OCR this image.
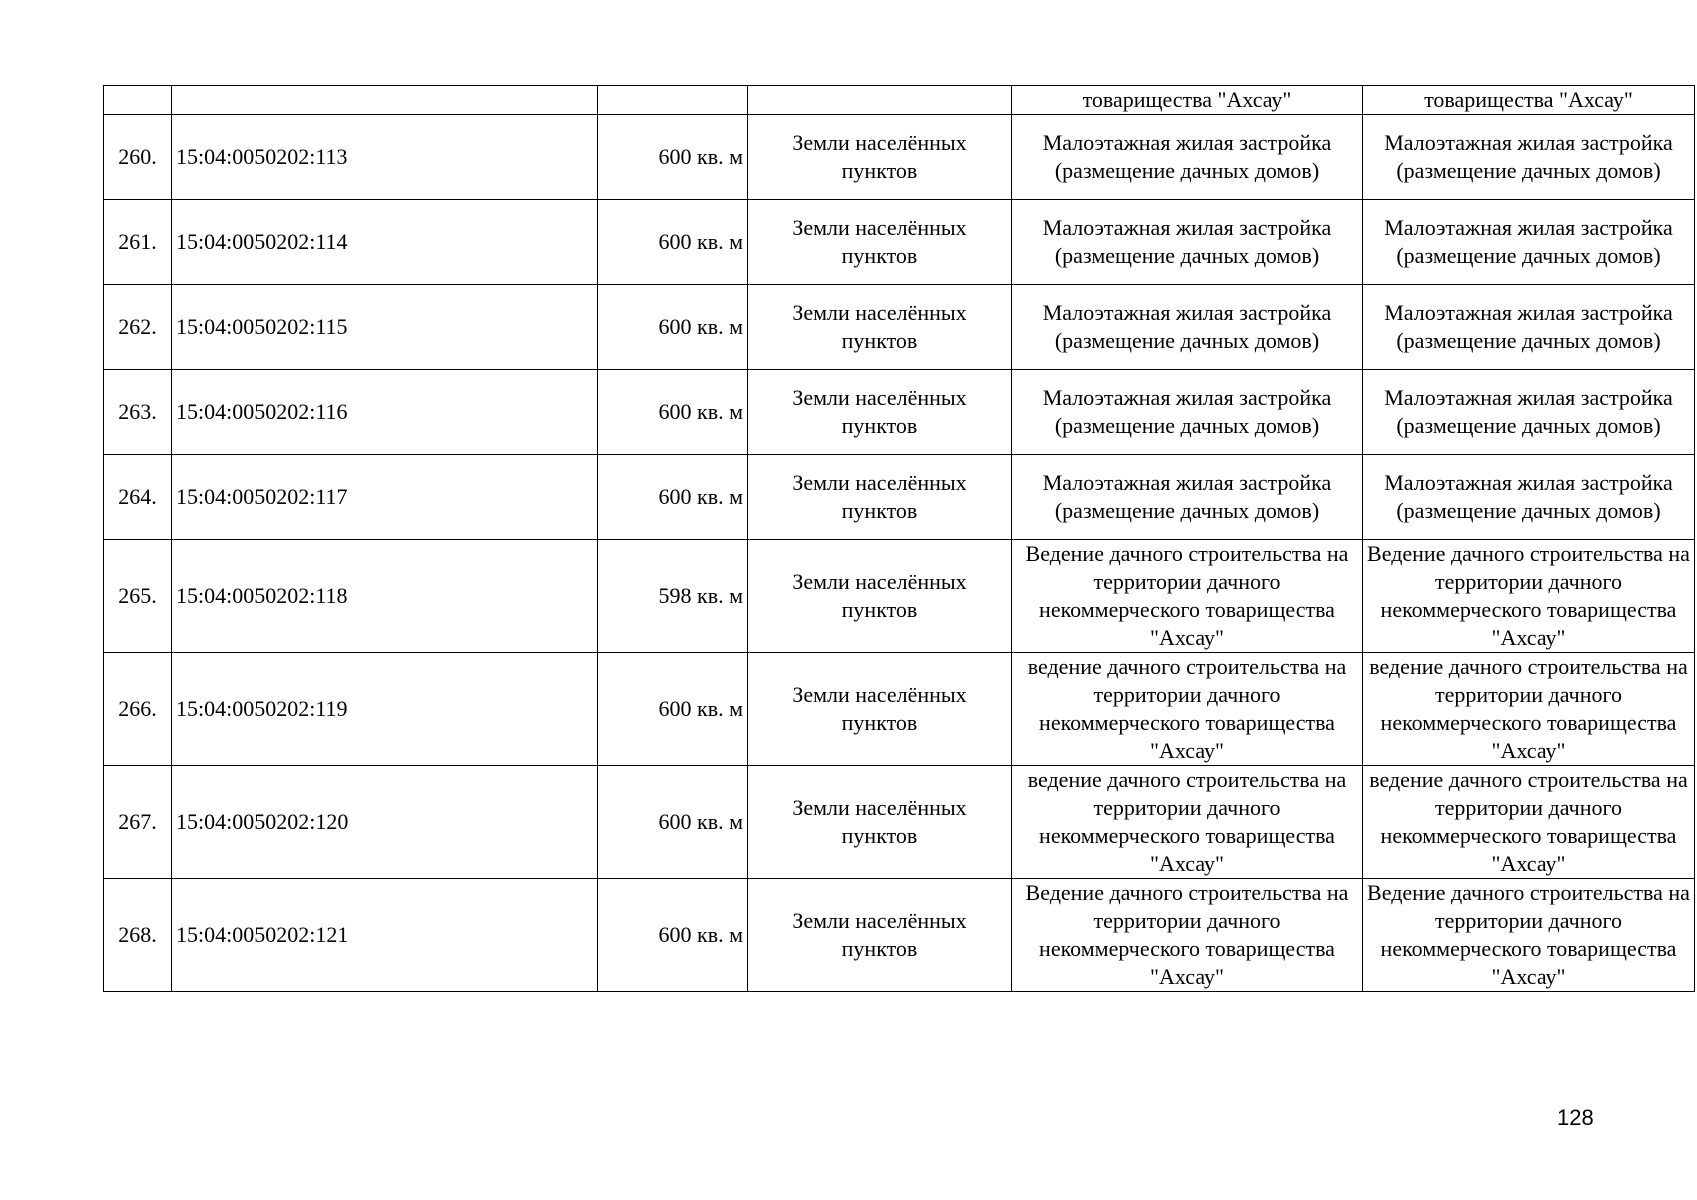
				товарищества "Ахсау"	товарищества "Ахсау"
260.	15:04:0050202:113	600 кв. м	Земли населённых пунктов	Малоэтажная жилая застройка (размещение дачных домов)	Малоэтажная жилая застройка (размещение дачных домов)
261.	15:04:0050202:114	600 кв. м	Земли населённых пунктов	Малоэтажная жилая застройка (размещение дачных домов)	Малоэтажная жилая застройка (размещение дачных домов)
262.	15:04:0050202:115	600 кв. м	Земли населённых пунктов	Малоэтажная жилая застройка (размещение дачных домов)	Малоэтажная жилая застройка (размещение дачных домов)
263.	15:04:0050202:116	600 кв. м	Земли населённых пунктов	Малоэтажная жилая застройка (размещение дачных домов)	Малоэтажная жилая застройка (размещение дачных домов)
264.	15:04:0050202:117	600 кв. м	Земли населённых пунктов	Малоэтажная жилая застройка (размещение дачных домов)	Малоэтажная жилая застройка (размещение дачных домов)
265.	15:04:0050202:118	598 кв. м	Земли населённых пунктов	Ведение дачного строительства на территории дачного некоммерческого товарищества "Ахсау"	Ведение дачного строительства на территории дачного некоммерческого товарищества "Ахсау"
266.	15:04:0050202:119	600 кв. м	Земли населённых пунктов	ведение дачного строительства на территории дачного некоммерческого товарищества "Ахсау"	ведение дачного строительства на территории дачного некоммерческого товарищества "Ахсау"
267.	15:04:0050202:120	600 кв. м	Земли населённых пунктов	ведение дачного строительства на территории дачного некоммерческого товарищества "Ахсау"	ведение дачного строительства на территории дачного некоммерческого товарищества "Ахсау"
268.	15:04:0050202:121	600 кв. м	Земли населённых пунктов	Ведение дачного строительства на территории дачного некоммерческого товарищества "Ахсау"	Ведение дачного строительства на территории дачного некоммерческого товарищества "Ахсау"
128
